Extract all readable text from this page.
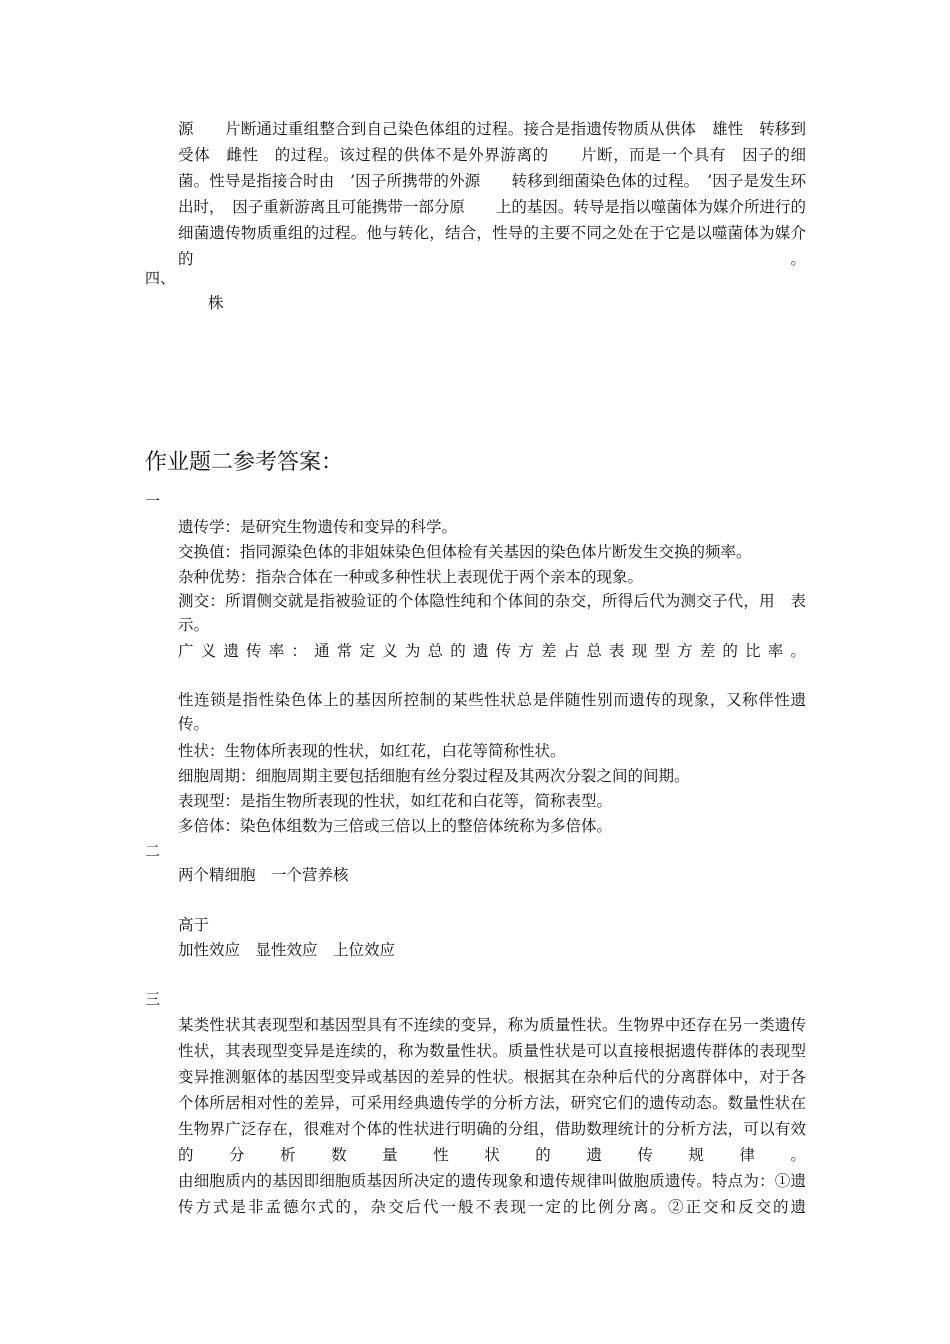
源　　片断通过重组整合到自己染色体组的过程。接合是指遗传物质从供体　雄性　转移到受体　雌性　的过程。该过程的供体不是外界游离的　　片断，而是一个具有　因子的细菌。性导是指接合时由　’因子所携带的外源　　转移到细菌染色体的过程。　’因子是发生环出时，　因子重新游离且可能携带一部分原　　上的基因。转导是指以噬菌体为媒介所进行的细菌遗传物质重组的过程。他与转化，结合，性导的主要不同之处在于它是以噬菌体为媒介的。
四、
株
作业题二参考答案：
一
遗传学：是研究生物遗传和变异的科学。
交换值：指同源染色体的非姐妹染色但体检有关基因的染色体片断发生交换的频率。
杂种优势：指杂合体在一种或多种性状上表现优于两个亲本的现象。
测交：所谓侧交就是指被验证的个体隐性纯和个体间的杂交，所得后代为测交子代，用　表示。
广义遗传率：通常定义为总的遗传方差占总表现型方差的比率。
性连锁是指性染色体上的基因所控制的某些性状总是伴随性别而遗传的现象，又称伴性遗传。
性状：生物体所表现的性状，如红花，白花等简称性状。
细胞周期：细胞周期主要包括细胞有丝分裂过程及其两次分裂之间的间期。
表现型：是指生物所表现的性状，如红花和白花等，简称表型。
多倍体：染色体组数为三倍或三倍以上的整倍体统称为多倍体。
二
两个精细胞　一个营养核
高于
加性效应　显性效应　上位效应
三
某类性状其表现型和基因型具有不连续的变异，称为质量性状。生物界中还存在另一类遗传性状，其表现型变异是连续的，称为数量性状。质量性状是可以直接根据遗传群体的表现型变异推测躯体的基因型变异或基因的差异的性状。根据其在杂种后代的分离群体中，对于各个体所居相对性的差异，可采用经典遗传学的分析方法，研究它们的遗传动态。数量性状在生物界广泛存在，很难对个体的性状进行明确的分组，借助数理统计的分析方法，可以有效的分析数量性状的遗传规律。
由细胞质内的基因即细胞质基因所决定的遗传现象和遗传规律叫做胞质遗传。特点为：①遗传方式是非孟德尔式的，杂交后代一般不表现一定的比例分离。②正交和反交的遗
